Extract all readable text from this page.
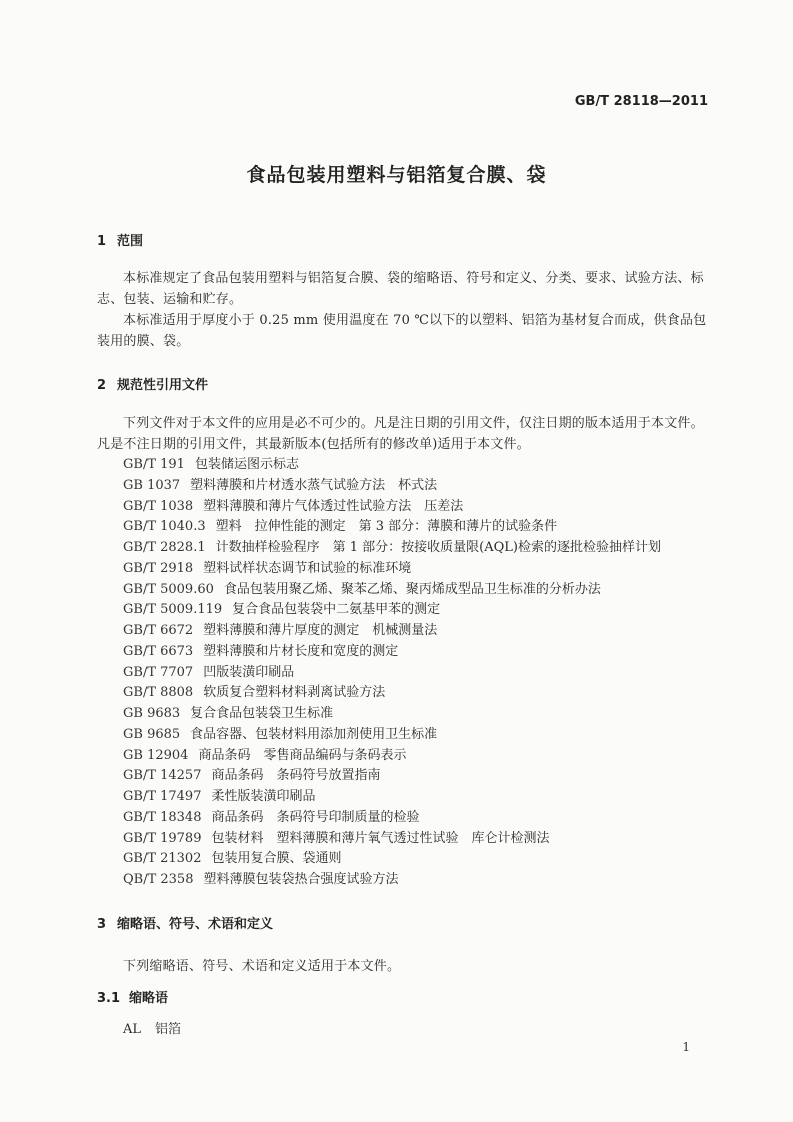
GB/T 28118—2011
食品包装用塑料与铝箔复合膜、袋
1 范围
本标准规定了食品包装用塑料与铝箔复合膜、袋的缩略语、符号和定义、分类、要求、试验方法、标志、包装、运输和贮存。
本标准适用于厚度小于 0.25 mm 使用温度在 70 ℃以下的以塑料、铝箔为基材复合而成，供食品包装用的膜、袋。
2 规范性引用文件
下列文件对于本文件的应用是必不可少的。凡是注日期的引用文件，仅注日期的版本适用于本文件。凡是不注日期的引用文件，其最新版本(包括所有的修改单)适用于本文件。
GB/T 191 包装储运图示标志
GB 1037 塑料薄膜和片材透水蒸气试验方法　杯式法
GB/T 1038 塑料薄膜和薄片气体透过性试验方法　压差法
GB/T 1040.3 塑料　拉伸性能的测定　第 3 部分：薄膜和薄片的试验条件
GB/T 2828.1 计数抽样检验程序　第 1 部分：按接收质量限(AQL)检索的逐批检验抽样计划
GB/T 2918 塑料试样状态调节和试验的标准环境
GB/T 5009.60 食品包装用聚乙烯、聚苯乙烯、聚丙烯成型品卫生标准的分析办法
GB/T 5009.119 复合食品包装袋中二氨基甲苯的测定
GB/T 6672 塑料薄膜和薄片厚度的测定　机械测量法
GB/T 6673 塑料薄膜和片材长度和宽度的测定
GB/T 7707 凹版装潢印刷品
GB/T 8808 软质复合塑料材料剥离试验方法
GB 9683 复合食品包装袋卫生标准
GB 9685 食品容器、包装材料用添加剂使用卫生标准
GB 12904 商品条码　零售商品编码与条码表示
GB/T 14257 商品条码　条码符号放置指南
GB/T 17497 柔性版装潢印刷品
GB/T 18348 商品条码　条码符号印制质量的检验
GB/T 19789 包装材料　塑料薄膜和薄片氧气透过性试验　库仑计检测法
GB/T 21302 包装用复合膜、袋通则
QB/T 2358 塑料薄膜包装袋热合强度试验方法
3 缩略语、符号、术语和定义
下列缩略语、符号、术语和定义适用于本文件。
3.1 缩略语
AL 铝箔
1
